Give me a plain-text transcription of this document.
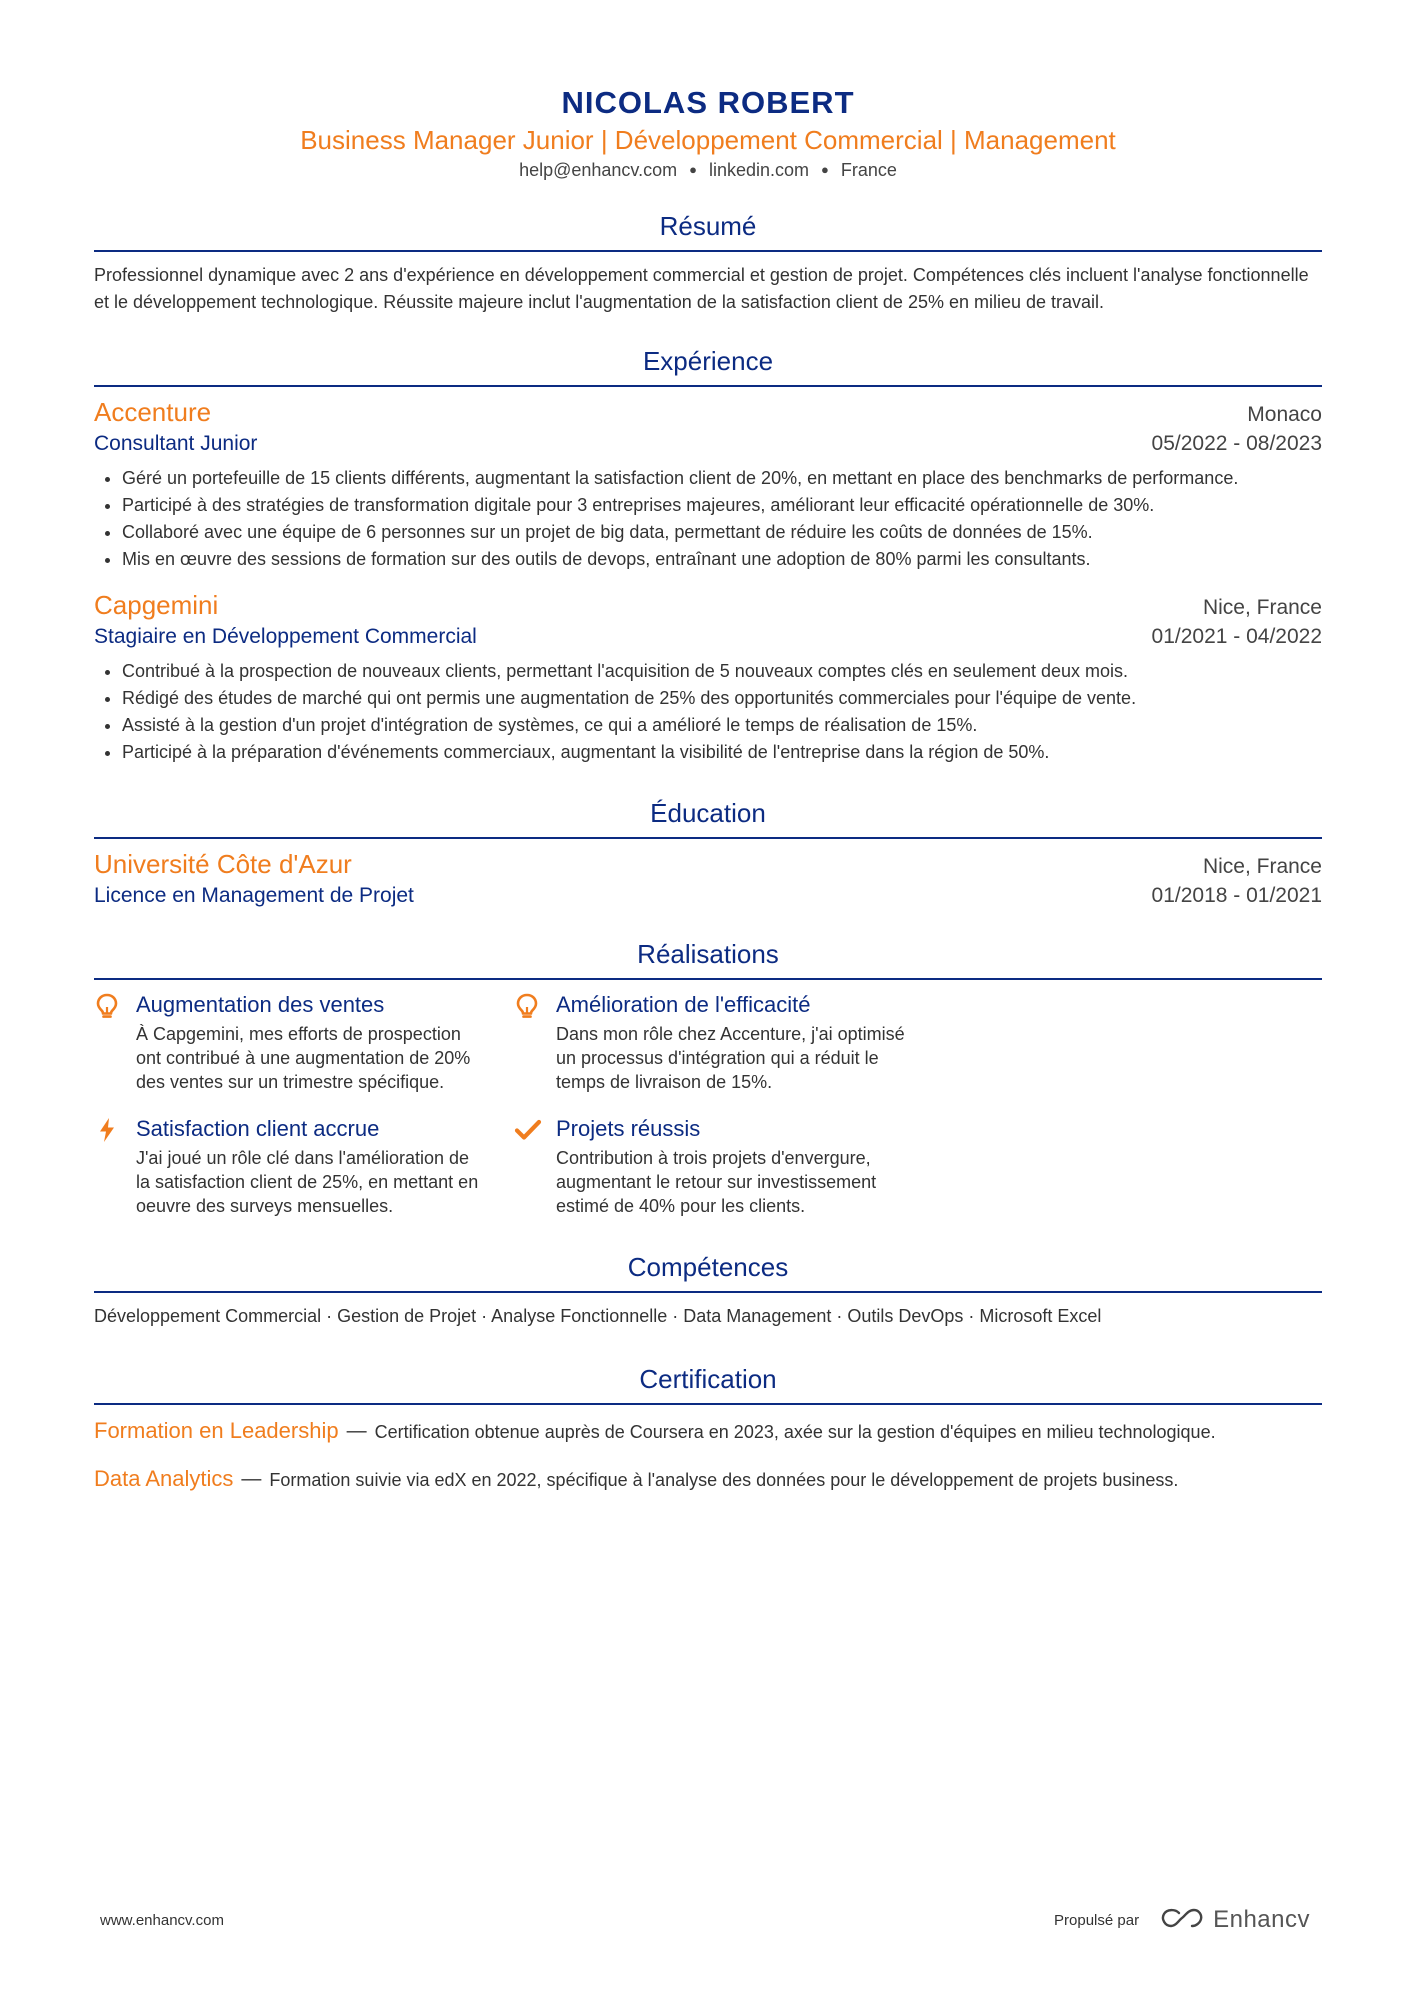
NICOLAS ROBERT
Business Manager Junior | Développement Commercial | Management
help@enhancv.com ● linkedin.com ● France
Résumé
Professionnel dynamique avec 2 ans d'expérience en développement commercial et gestion de projet. Compétences clés incluent l'analyse fonctionnelle et le développement technologique. Réussite majeure inclut l'augmentation de la satisfaction client de 25% en milieu de travail.
Expérience
Accenture	Monaco
Consultant Junior	05/2022 - 08/2023
• Géré un portefeuille de 15 clients différents, augmentant la satisfaction client de 20%, en mettant en place des benchmarks de performance.
• Participé à des stratégies de transformation digitale pour 3 entreprises majeures, améliorant leur efficacité opérationnelle de 30%.
• Collaboré avec une équipe de 6 personnes sur un projet de big data, permettant de réduire les coûts de données de 15%.
• Mis en œuvre des sessions de formation sur des outils de devops, entraînant une adoption de 80% parmi les consultants.
Capgemini	Nice, France
Stagiaire en Développement Commercial	01/2021 - 04/2022
• Contribué à la prospection de nouveaux clients, permettant l'acquisition de 5 nouveaux comptes clés en seulement deux mois.
• Rédigé des études de marché qui ont permis une augmentation de 25% des opportunités commerciales pour l'équipe de vente.
• Assisté à la gestion d'un projet d'intégration de systèmes, ce qui a amélioré le temps de réalisation de 15%.
• Participé à la préparation d'événements commerciaux, augmentant la visibilité de l'entreprise dans la région de 50%.
Éducation
Université Côte d'Azur	Nice, France
Licence en Management de Projet	01/2018 - 01/2021
Réalisations
Augmentation des ventes
À Capgemini, mes efforts de prospection ont contribué à une augmentation de 20% des ventes sur un trimestre spécifique.
Amélioration de l'efficacité
Dans mon rôle chez Accenture, j'ai optimisé un processus d'intégration qui a réduit le temps de livraison de 15%.
Satisfaction client accrue
J'ai joué un rôle clé dans l'amélioration de la satisfaction client de 25%, en mettant en oeuvre des surveys mensuelles.
Projets réussis
Contribution à trois projets d'envergure, augmentant le retour sur investissement estimé de 40% pour les clients.
Compétences
Développement Commercial · Gestion de Projet · Analyse Fonctionnelle · Data Management · Outils DevOps · Microsoft Excel
Certification
Formation en Leadership — Certification obtenue auprès de Coursera en 2023, axée sur la gestion d'équipes en milieu technologique.
Data Analytics — Formation suivie via edX en 2022, spécifique à l'analyse des données pour le développement de projets business.
www.enhancv.com	Propulsé par	Enhancv
